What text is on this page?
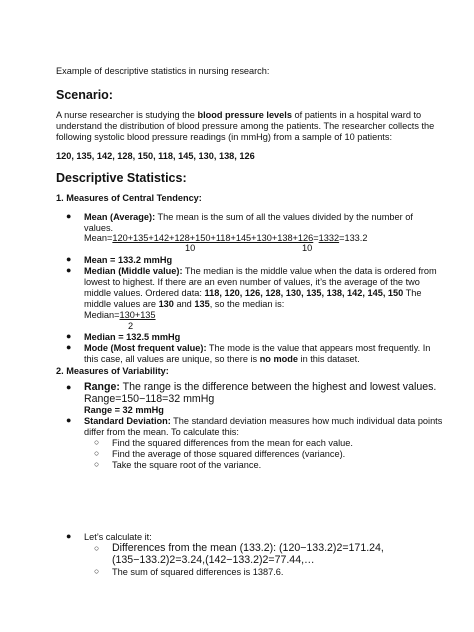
Example of descriptive statistics in nursing research:
Scenario:
A nurse researcher is studying the blood pressure levels of patients in a hospital ward to
understand the distribution of blood pressure among the patients. The researcher collects the
following systolic blood pressure readings (in mmHg) from a sample of 10 patients:
120, 135, 142, 128, 150, 118, 145, 130, 138, 126
Descriptive Statistics:
1. Measures of Central Tendency:
● Mean (Average): The mean is the sum of all the values divided by the number of
values.
Mean=120+135+142+128+150+118+145+130+138+126=1332=133.2
10	10
● Mean = 133.2 mmHg
● Median (Middle value): The median is the middle value when the data is ordered from
lowest to highest. If there are an even number of values, it’s the average of the two
middle values. Ordered data: 118, 120, 126, 128, 130, 135, 138, 142, 145, 150 The
middle values are 130 and 135, so the median is:
Median=130+135
2
● Median = 132.5 mmHg
● Mode (Most frequent value): The mode is the value that appears most frequently. In
this case, all values are unique, so there is no mode in this dataset.
2. Measures of Variability:
● Range: The range is the difference between the highest and lowest values.
Range=150−118=32 mmHg
Range = 32 mmHg
● Standard Deviation: The standard deviation measures how much individual data points
differ from the mean. To calculate this:
○ Find the squared differences from the mean for each value.
○ Find the average of those squared differences (variance).
○ Take the square root of the variance.
● Let’s calculate it:
○ Differences from the mean (133.2): (120−133.2)2=171.24,
(135−133.2)2=3.24,(142−133.2)2=77.44,…
○ The sum of squared differences is 1387.6.
